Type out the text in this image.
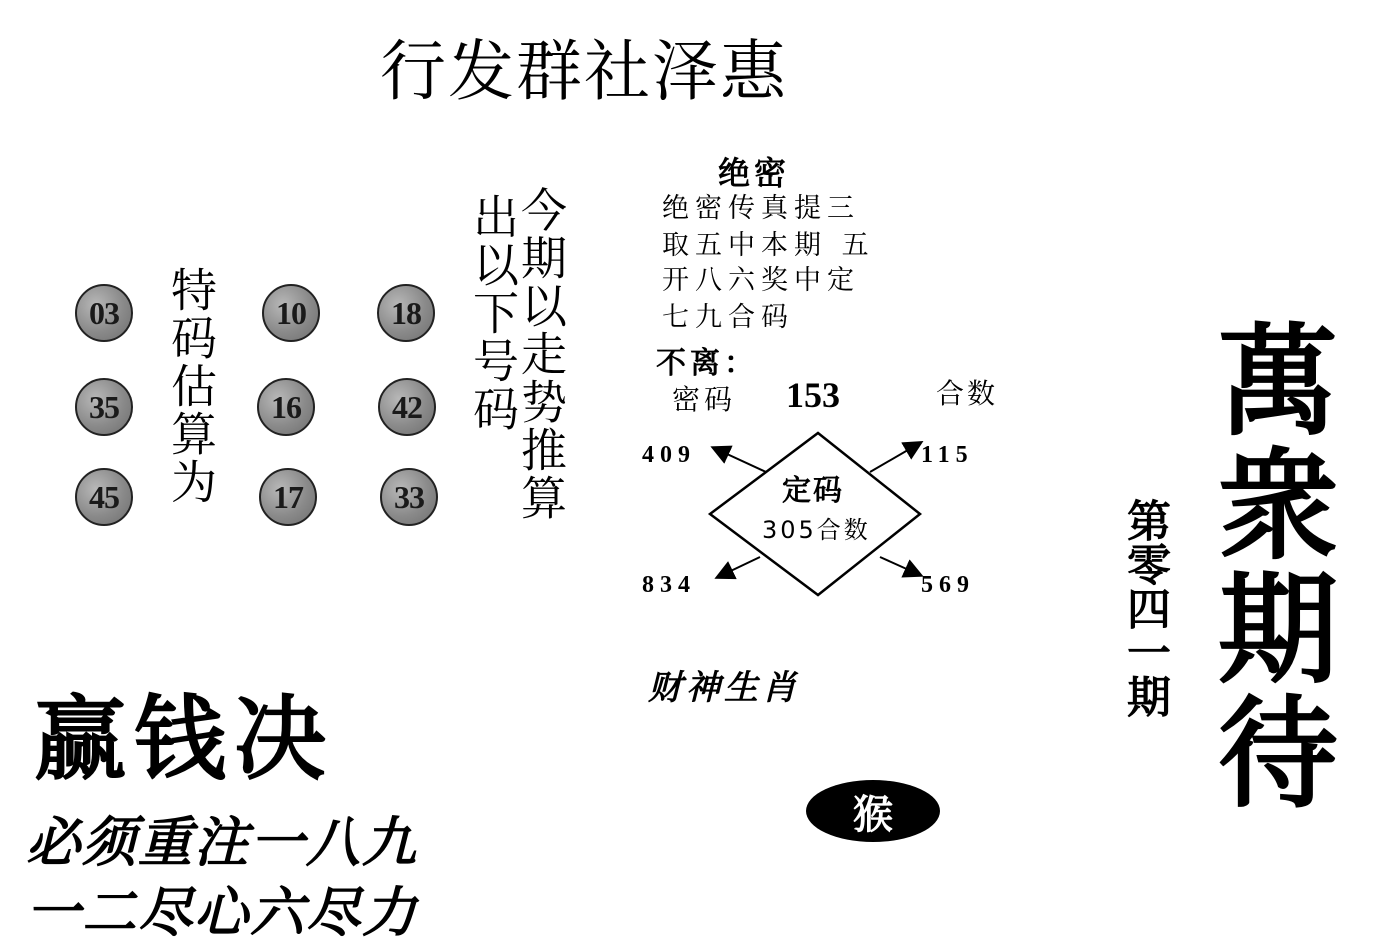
行发群社泽惠
03	10	18
35	16	42
45	17	33
特码估算为	今期以走势推算
出以下号码
绝密
绝密传真提三
取五中本期 五
开八六奖中定
七九合码
不离：
密码 153	合数
定码
305合数
409	115
834	569
财神生肖
猴
赢钱决
必须重注一八九
一二尽心六尽力
萬衆期待
第零四一期
